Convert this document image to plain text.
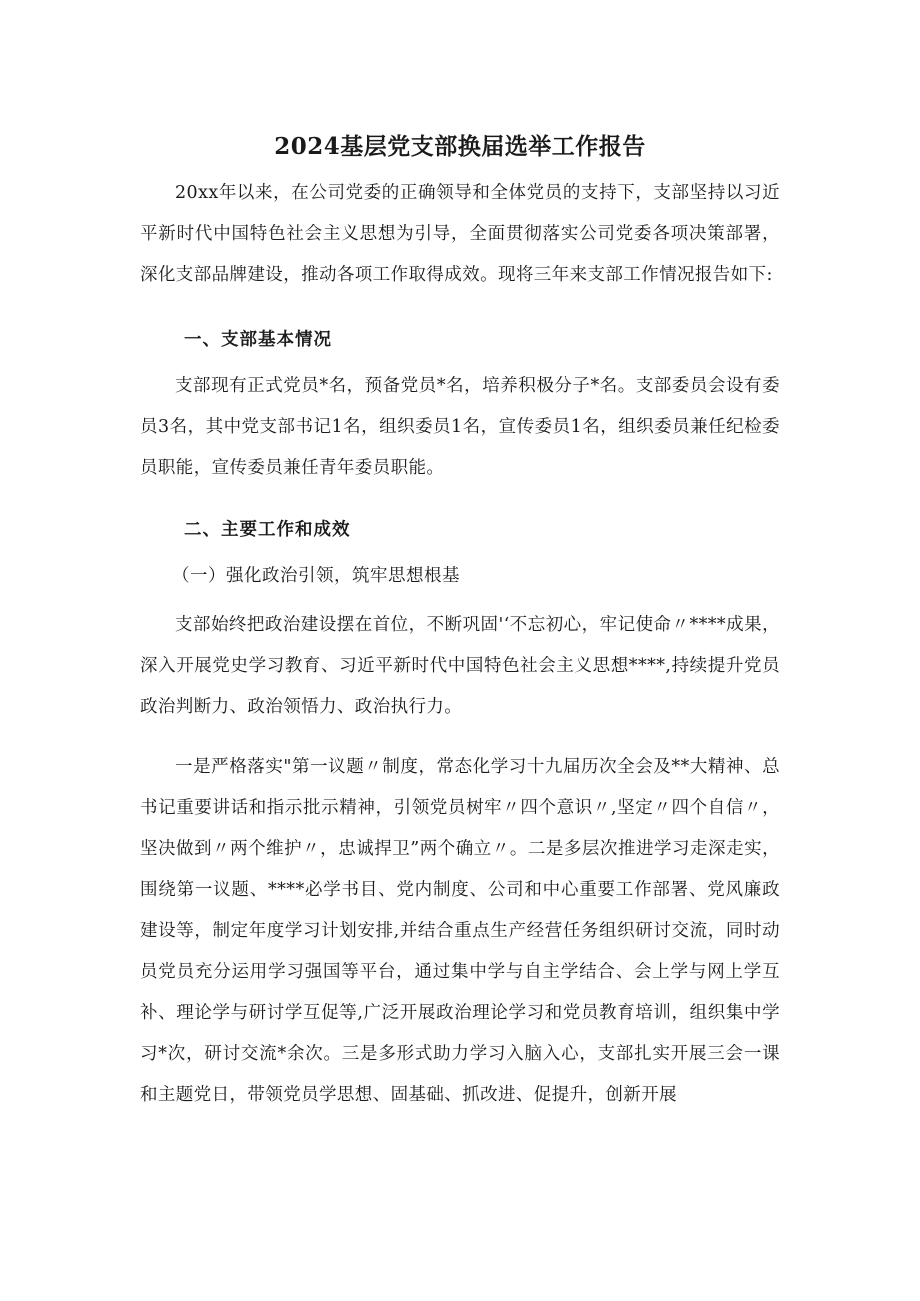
2024基层党支部换届选举工作报告

20xx年以来，在公司党委的正确领导和全体党员的支持下，支部坚持以习近平新时代中国特色社会主义思想为引导，全面贯彻落实公司党委各项决策部署，深化支部品牌建设，推动各项工作取得成效。现将三年来支部工作情况报告如下:

一、支部基本情况

支部现有正式党员*名，预备党员*名，培养积极分子*名。支部委员会设有委员3名，其中党支部书记1名，组织委员1名，宣传委员1名，组织委员兼任纪检委员职能，宣传委员兼任青年委员职能。

二、主要工作和成效

（一）强化政治引领，筑牢思想根基

支部始终把政治建设摆在首位，不断巩固'‘不忘初心，牢记使命〃****成果，深入开展党史学习教育、习近平新时代中国特色社会主义思想****,持续提升党员政治判断力、政治领悟力、政治执行力。

一是严格落实"第一议题〃制度，常态化学习十九届历次全会及**大精神、总书记重要讲话和指示批示精神，引领党员树牢〃四个意识〃,坚定〃四个自信〃，坚决做到〃两个维护〃，忠诚捍卫”两个确立〃。二是多层次推进学习走深走实，围绕第一议题、****必学书目、党内制度、公司和中心重要工作部署、党风廉政建设等，制定年度学习计划安排,并结合重点生产经营任务组织研讨交流，同时动员党员充分运用学习强国等平台，通过集中学与自主学结合、会上学与网上学互补、理论学与研讨学互促等,广泛开展政治理论学习和党员教育培训，组织集中学习*次，研讨交流*余次。三是多形式助力学习入脑入心，支部扎实开展三会一课和主题党日，带领党员学思想、固基础、抓改进、促提升，创新开展
